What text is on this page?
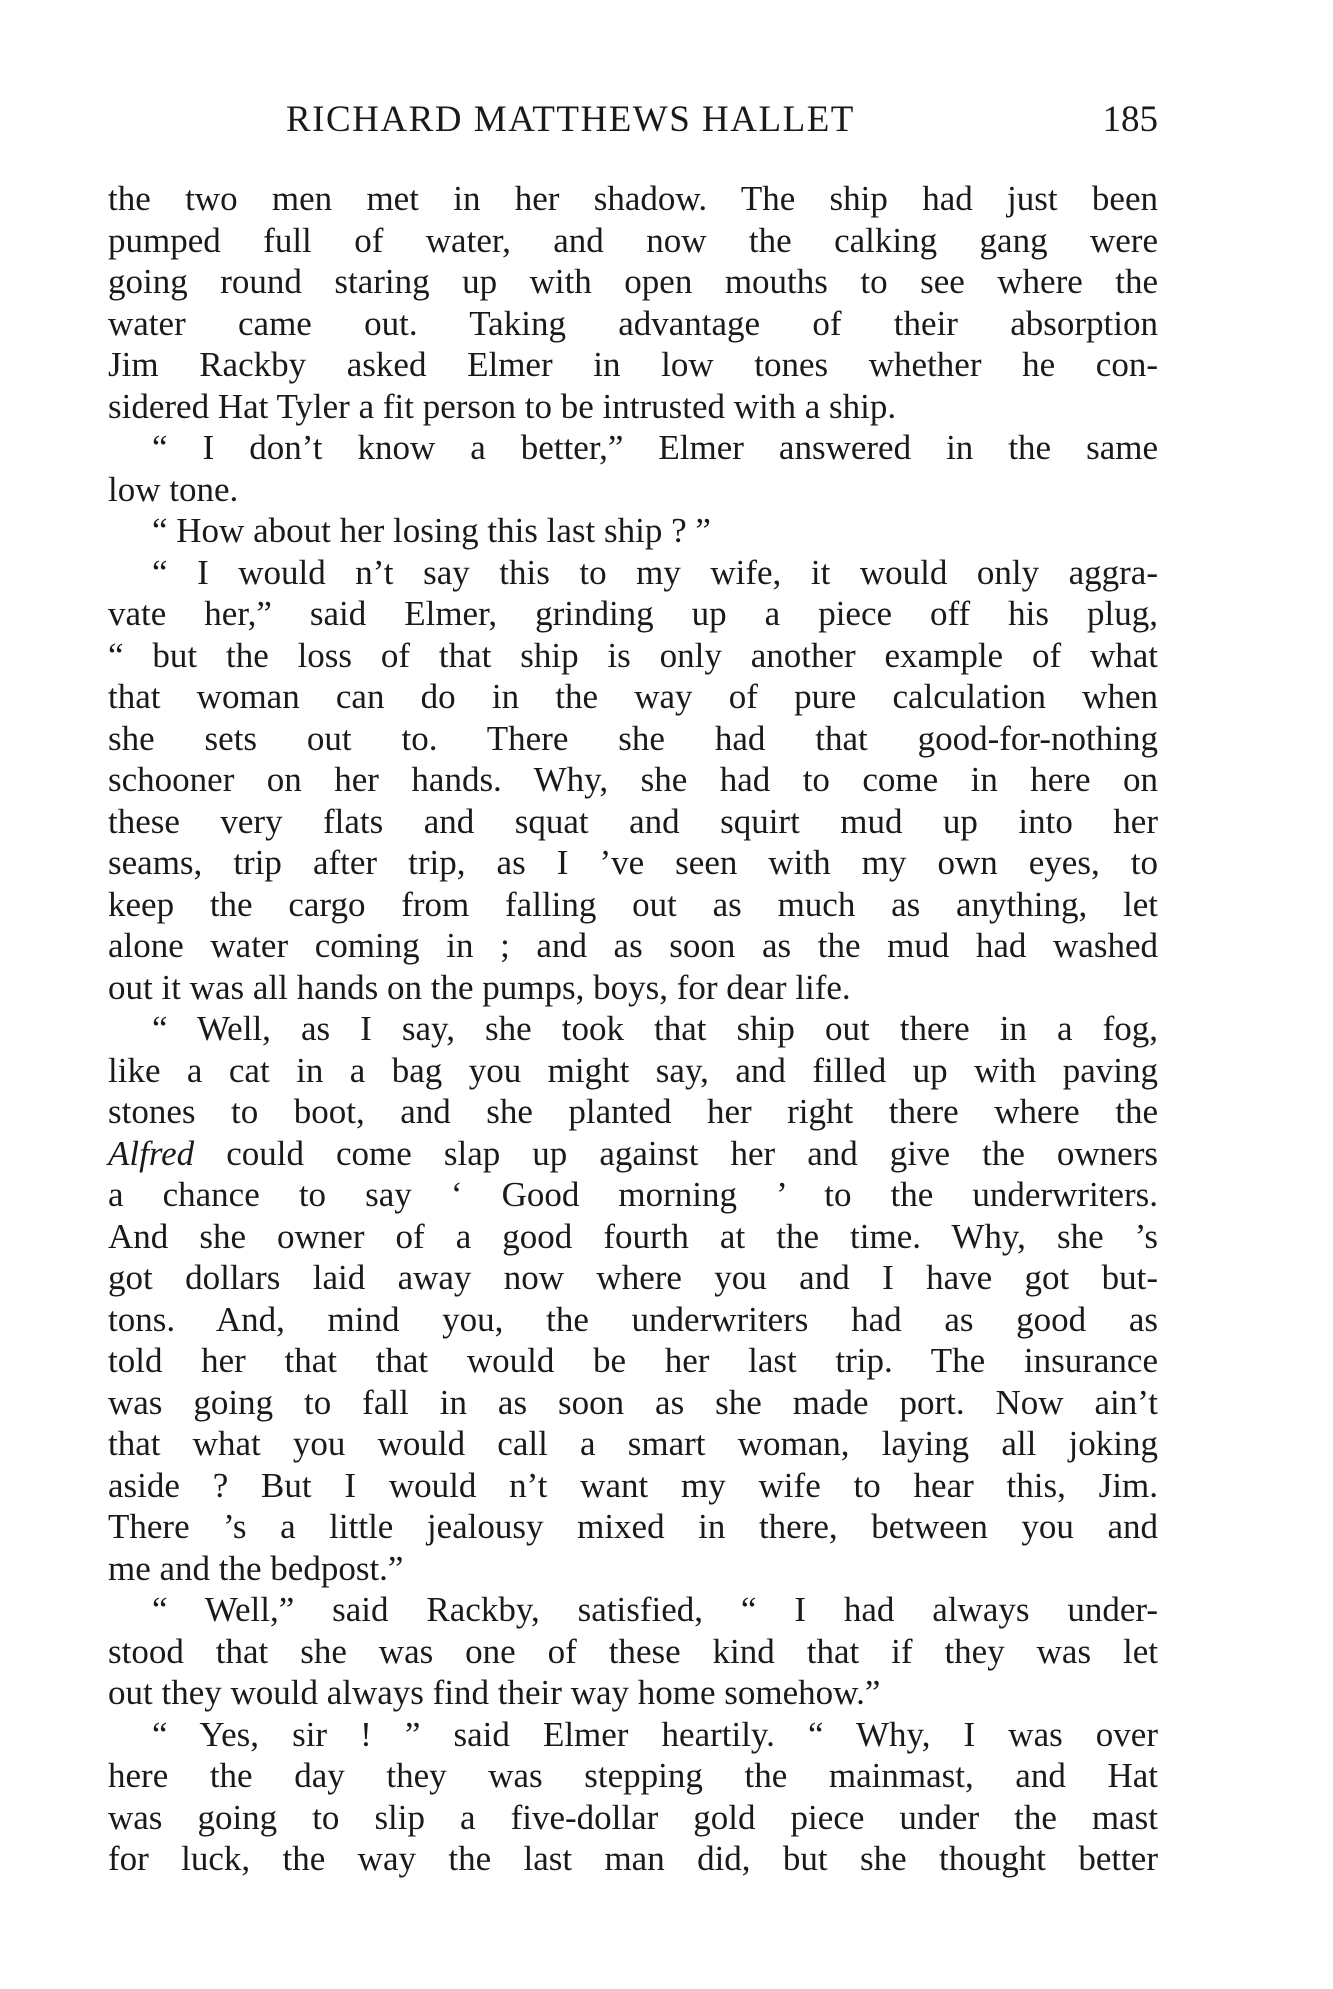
RICHARD MATTHEWS HALLET	185
the two men met in her shadow. The ship had just been
pumped full of water, and now the calking gang were
going round staring up with open mouths to see where the
water came out. Taking advantage of their absorption
Jim Rackby asked Elmer in low tones whether he con-
sidered Hat Tyler a fit person to be intrusted with a ship.
“ I don’t know a better,” Elmer answered in the same
low tone.
“ How about her losing this last ship ? ”
“ I would n’t say this to my wife, it would only aggra-
vate her,” said Elmer, grinding up a piece off his plug,
“ but the loss of that ship is only another example of what
that woman can do in the way of pure calculation when
she sets out to. There she had that good-for-nothing
schooner on her hands. Why, she had to come in here on
these very flats and squat and squirt mud up into her
seams, trip after trip, as I ’ve seen with my own eyes, to
keep the cargo from falling out as much as anything, let
alone water coming in ; and as soon as the mud had washed
out it was all hands on the pumps, boys, for dear life.
“ Well, as I say, she took that ship out there in a fog,
like a cat in a bag you might say, and filled up with paving
stones to boot, and she planted her right there where the
Alfred could come slap up against her and give the owners
a chance to say ‘ Good morning ’ to the underwriters.
And she owner of a good fourth at the time. Why, she ’s
got dollars laid away now where you and I have got but-
tons. And, mind you, the underwriters had as good as
told her that that would be her last trip. The insurance
was going to fall in as soon as she made port. Now ain’t
that what you would call a smart woman, laying all joking
aside ? But I would n’t want my wife to hear this, Jim.
There ’s a little jealousy mixed in there, between you and
me and the bedpost.”
“ Well,” said Rackby, satisfied, “ I had always under-
stood that she was one of these kind that if they was let
out they would always find their way home somehow.”
“ Yes, sir ! ” said Elmer heartily. “ Why, I was over
here the day they was stepping the mainmast, and Hat
was going to slip a five-dollar gold piece under the mast
for luck, the way the last man did, but she thought better
